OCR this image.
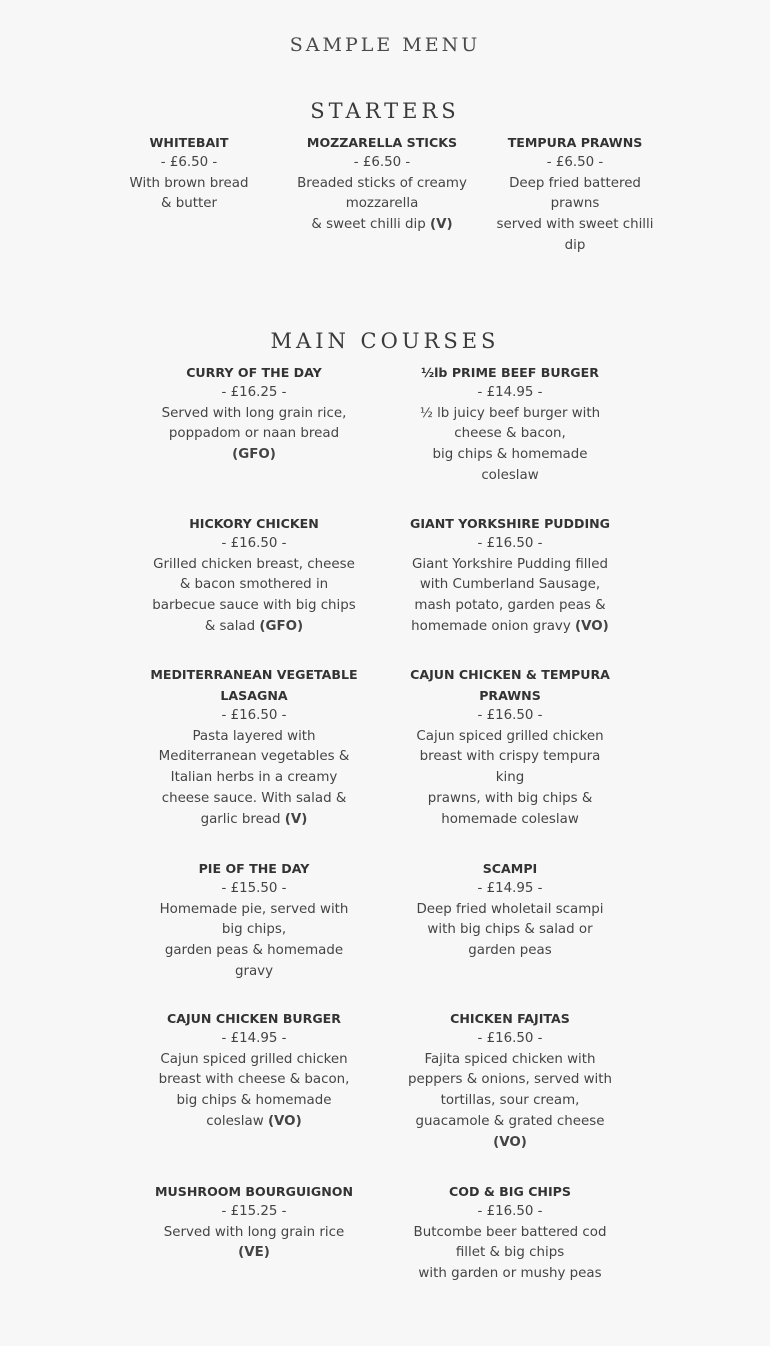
SAMPLE MENU
STARTERS
WHITEBAIT
- £6.50 -
With brown bread
& butter
MOZZARELLA STICKS
- £6.50 -
Breaded sticks of creamy
mozzarella
& sweet chilli dip (V)
TEMPURA PRAWNS
- £6.50 -
Deep fried battered
prawns
served with sweet chilli
dip
MAIN COURSES
CURRY OF THE DAY
- £16.25 -
Served with long grain rice,
poppadom or naan bread
(GFO)
½lb PRIME BEEF BURGER
- £14.95 -
½ lb juicy beef burger with
cheese & bacon,
big chips & homemade
coleslaw
HICKORY CHICKEN
- £16.50 -
Grilled chicken breast, cheese
& bacon smothered in
barbecue sauce with big chips
& salad (GFO)
GIANT YORKSHIRE PUDDING
- £16.50 -
Giant Yorkshire Pudding filled
with Cumberland Sausage,
mash potato, garden peas &
homemade onion gravy (VO)
MEDITERRANEAN VEGETABLE
LASAGNA
- £16.50 -
Pasta layered with
Mediterranean vegetables &
Italian herbs in a creamy
cheese sauce. With salad &
garlic bread (V)
CAJUN CHICKEN & TEMPURA
PRAWNS
- £16.50 -
Cajun spiced grilled chicken
breast with crispy tempura king
prawns, with big chips &
homemade coleslaw
PIE OF THE DAY
- £15.50 -
Homemade pie, served with
big chips,
garden peas & homemade
gravy
SCAMPI
- £14.95 -
Deep fried wholetail scampi
with big chips & salad or
garden peas
CAJUN CHICKEN BURGER
- £14.95 -
Cajun spiced grilled chicken
breast with cheese & bacon,
big chips & homemade
coleslaw (VO)
CHICKEN FAJITAS
- £16.50 -
Fajita spiced chicken with
peppers & onions, served with
tortillas, sour cream,
guacamole & grated cheese
(VO)
MUSHROOM BOURGUIGNON
- £15.25 -
Served with long grain rice
(VE)
COD & BIG CHIPS
- £16.50 -
Butcombe beer battered cod
fillet & big chips
with garden or mushy peas
